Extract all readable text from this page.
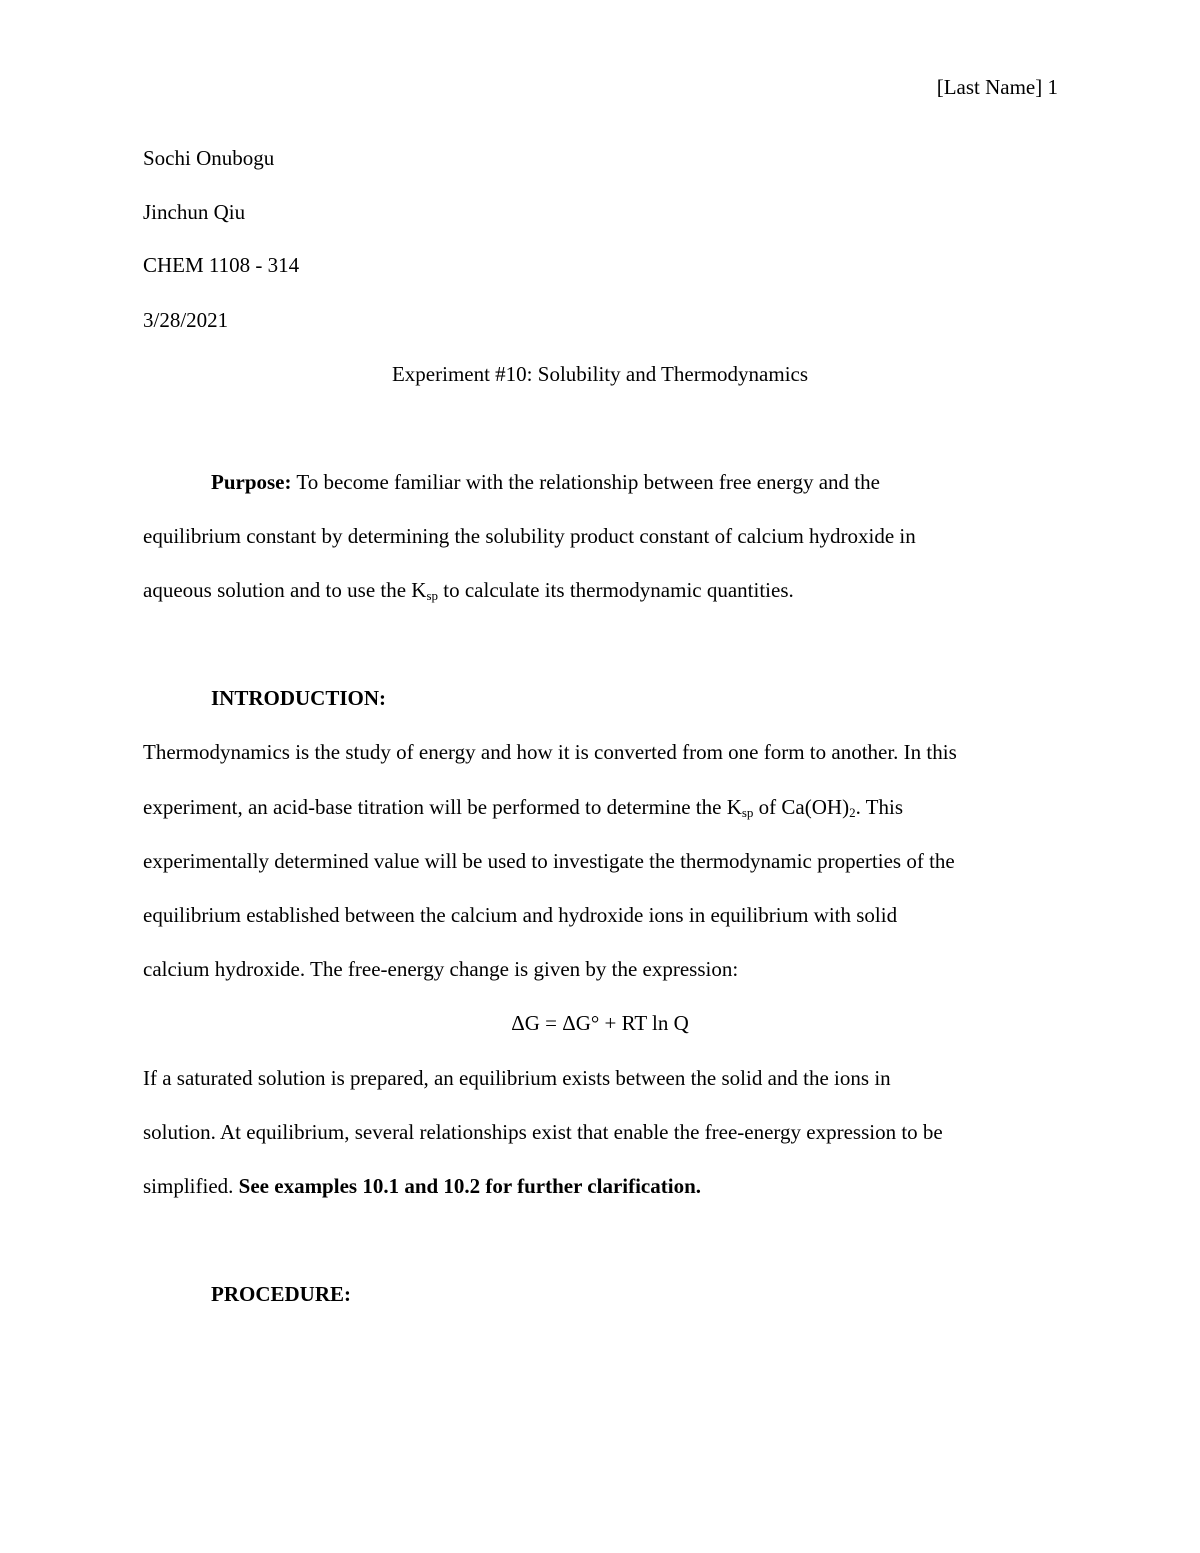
[Last Name] 1
Sochi Onubogu
Jinchun Qiu
CHEM 1108 - 314
3/28/2021
Experiment #10: Solubility and Thermodynamics
Purpose: To become familiar with the relationship between free energy and the
equilibrium constant by determining the solubility product constant of calcium hydroxide in
aqueous solution and to use the $K_{sp}$ to calculate its thermodynamic quantities.
INTRODUCTION:
Thermodynamics is the study of energy and how it is converted from one form to another. In this
experiment, an acid-base titration will be performed to determine the $K_{sp}$ of $Ca(OH)_2$. This
experimentally determined value will be used to investigate the thermodynamic properties of the
equilibrium established between the calcium and hydroxide ions in equilibrium with solid
calcium hydroxide. The free-energy change is given by the expression:
ΔG = ΔG° + RT ln Q
If a saturated solution is prepared, an equilibrium exists between the solid and the ions in
solution. At equilibrium, several relationships exist that enable the free-energy expression to be
simplified. See examples 10.1 and 10.2 for further clarification.
PROCEDURE:
